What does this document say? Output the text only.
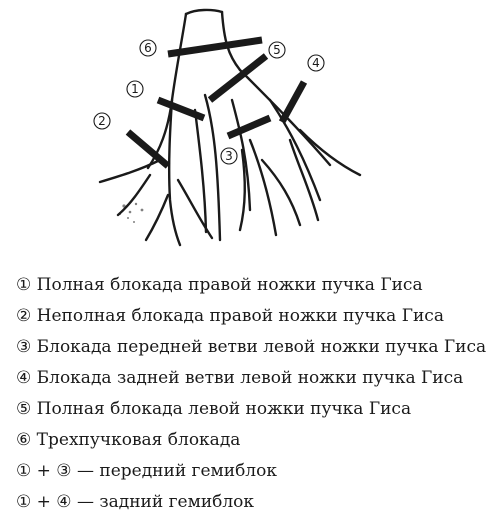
6	5
4
1
2
3
① Полная блокада правой ножки пучка Гиса
② Неполная блокада правой ножки пучка Гиса
③ Блокада передней ветви левой ножки пучка Гиса
④ Блокада задней ветви левой ножки пучка Гиса
⑤ Полная блокада левой ножки пучка Гиса
⑥ Трехпучковая блокада
① + ③ — передний гемиблок
① + ④ — задний гемиблок
